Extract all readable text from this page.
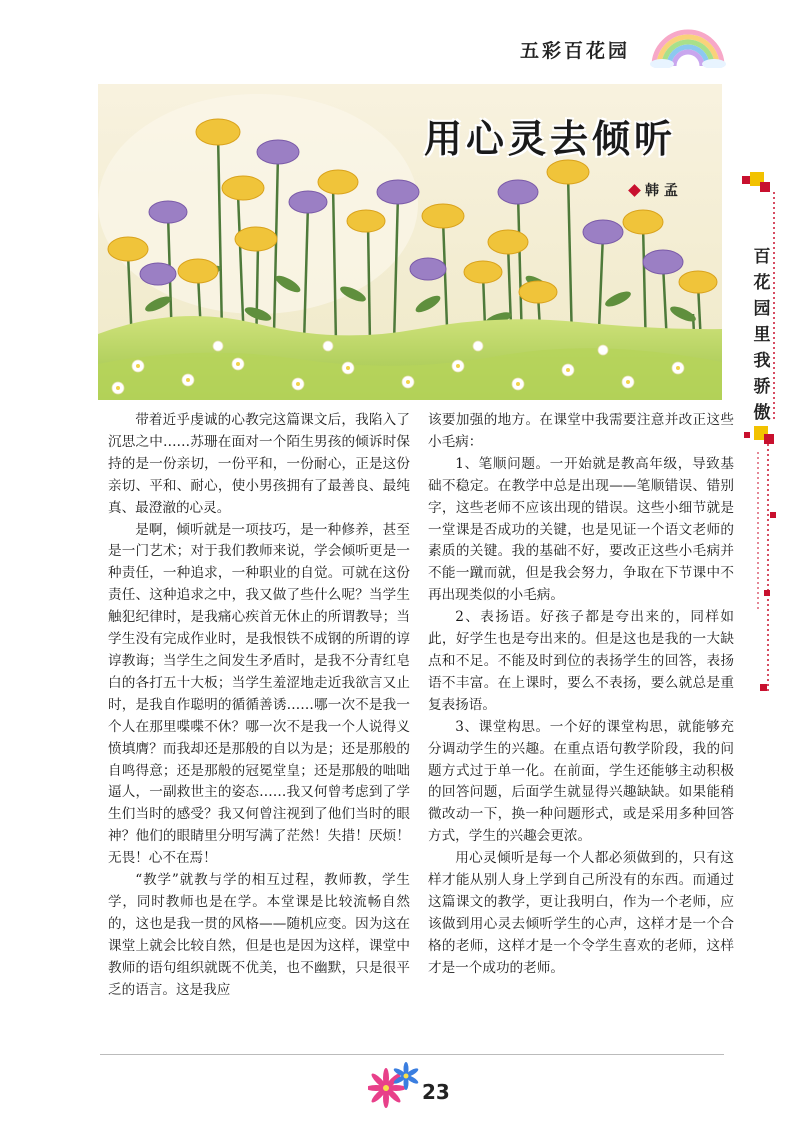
五彩百花园
用心灵去倾听
韩 孟
百花园里我骄傲

带着近乎虔诚的心教完这篇课文后，我陷入了沉思之中……苏珊在面对一个陌生男孩的倾诉时保持的是一份亲切，一份平和，一份耐心，正是这份亲切、平和、耐心，使小男孩拥有了最善良、最纯真、最澄澈的心灵。

是啊，倾听就是一项技巧，是一种修养，甚至是一门艺术；对于我们教师来说，学会倾听更是一种责任，一种追求，一种职业的自觉。可就在这份责任、这种追求之中，我又做了些什么呢？当学生触犯纪律时，是我痛心疾首无休止的所谓教导；当学生没有完成作业时，是我恨铁不成钢的所谓的谆谆教诲；当学生之间发生矛盾时，是我不分青红皂白的各打五十大板；当学生羞涩地走近我欲言又止时，是我自作聪明的循循善诱……哪一次不是我一个人在那里喋喋不休？哪一次不是我一个人说得义愤填膺？而我却还是那般的自以为是；还是那般的自鸣得意；还是那般的冠冕堂皇；还是那般的咄咄逼人，一副救世主的姿态……我又何曾考虑到了学生们当时的感受？我又何曾注视到了他们当时的眼神？他们的眼睛里分明写满了茫然！失措！厌烦！无畏！心不在焉！

“教学”就教与学的相互过程，教师教，学生学，同时教师也是在学。本堂课是比较流畅自然的，这也是我一贯的风格——随机应变。因为这在课堂上就会比较自然，但是也是因为这样，课堂中教师的语句组织就既不优美，也不幽默，只是很平乏的语言。这是我应

该要加强的地方。在课堂中我需要注意并改正这些小毛病：

1、笔顺问题。一开始就是教高年级，导致基础不稳定。在教学中总是出现——笔顺错误、错别字，这些老师不应该出现的错误。这些小细节就是一堂课是否成功的关键，也是见证一个语文老师的素质的关键。我的基础不好，要改正这些小毛病并不能一蹴而就，但是我会努力，争取在下节课中不再出现类似的小毛病。

2、表扬语。好孩子都是夸出来的，同样如此，好学生也是夸出来的。但是这也是我的一大缺点和不足。不能及时到位的表扬学生的回答，表扬语不丰富。在上课时，要么不表扬，要么就总是重复表扬语。

3、课堂构思。一个好的课堂构思，就能够充分调动学生的兴趣。在重点语句教学阶段，我的问题方式过于单一化。在前面，学生还能够主动积极的回答问题，后面学生就显得兴趣缺缺。如果能稍微改动一下，换一种问题形式，或是采用多种回答方式，学生的兴趣会更浓。

用心灵倾听是每一个人都必须做到的，只有这样才能从别人身上学到自己所没有的东西。而通过这篇课文的教学，更让我明白，作为一个老师，应该做到用心灵去倾听学生的心声，这样才是一个合格的老师，这样才是一个令学生喜欢的老师，这样才是一个成功的老师。

23
